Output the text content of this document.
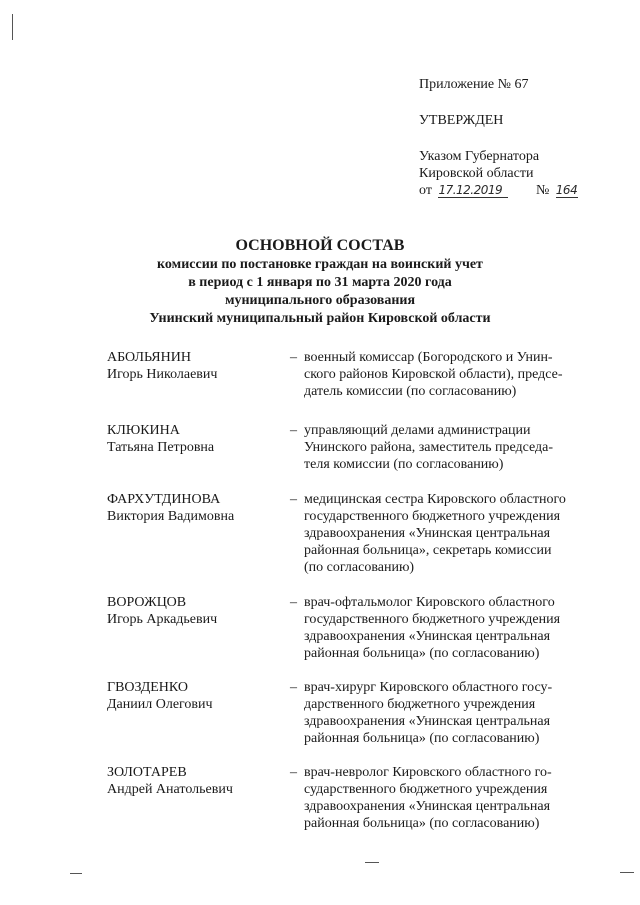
Приложение № 67
УТВЕРЖДЕН
Указом Губернатора
Кировской области
от 17.12.2019 № 164
ОСНОВНОЙ СОСТАВ
комиссии по постановке граждан на воинский учет
в период с 1 января по 31 марта 2020 года
муниципального образования
Унинский муниципальный район Кировской области
АБОЛЬЯНИН
Игорь Николаевич
– военный комиссар (Богородского и Унин-
ского районов Кировской области), предсе-
датель комиссии (по согласованию)
КЛЮКИНА
Татьяна Петровна
– управляющий делами администрации
Унинского района, заместитель председа-
теля комиссии (по согласованию)
ФАРХУТДИНОВА
Виктория Вадимовна
– медицинская сестра Кировского областного
государственного бюджетного учреждения
здравоохранения «Унинская центральная
районная больница», секретарь комиссии
(по согласованию)
ВОРОЖЦОВ
Игорь Аркадьевич
– врач-офтальмолог Кировского областного
государственного бюджетного учреждения
здравоохранения «Унинская центральная
районная больница» (по согласованию)
ГВОЗДЕНКО
Даниил Олегович
– врач-хирург Кировского областного госу-
дарственного бюджетного учреждения
здравоохранения «Унинская центральная
районная больница» (по согласованию)
ЗОЛОТАРЕВ
Андрей Анатольевич
– врач-невролог Кировского областного го-
сударственного бюджетного учреждения
здравоохранения «Унинская центральная
районная больница» (по согласованию)
